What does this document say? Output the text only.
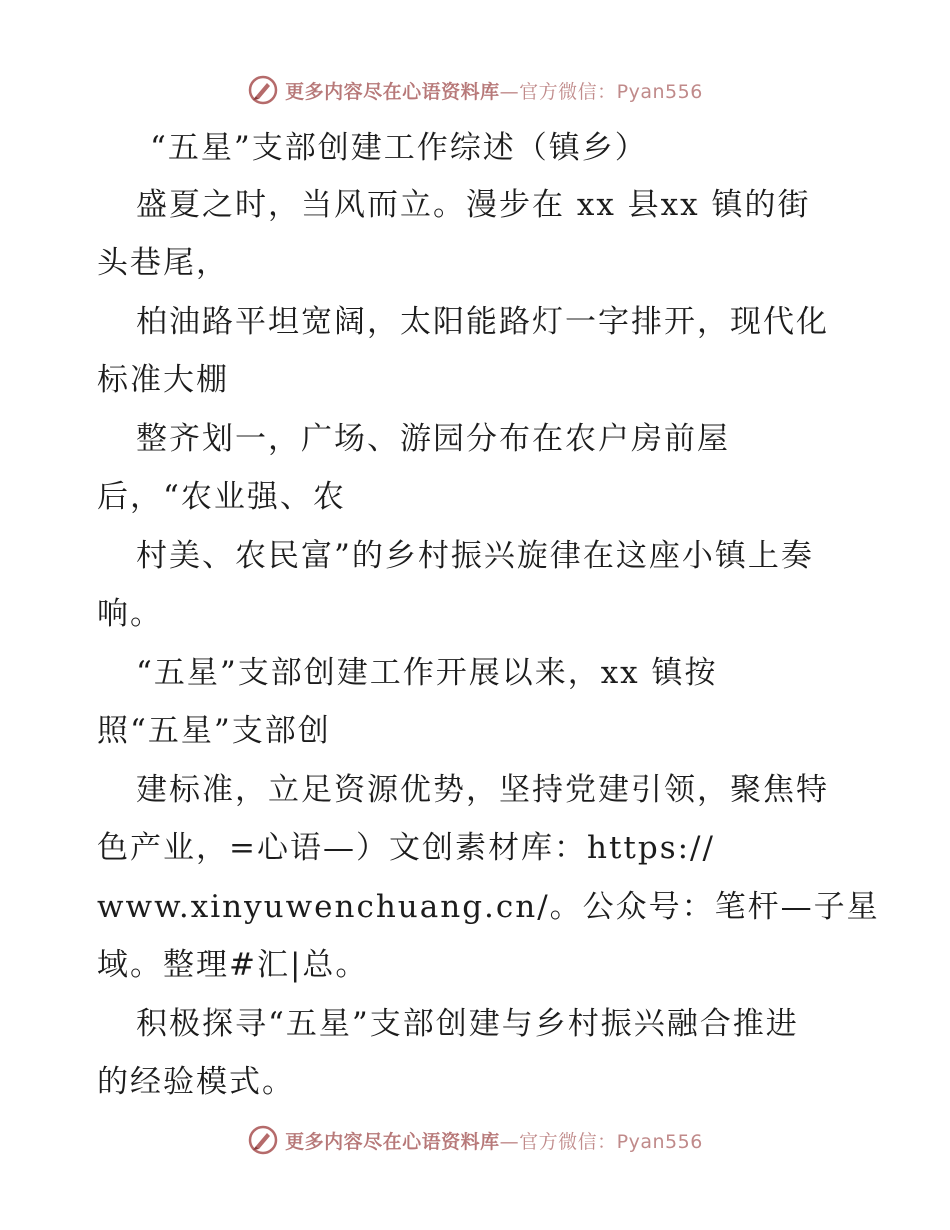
更多内容尽在心语资料库—官方微信：Pyan556
“五星”支部创建工作综述（镇乡）
盛夏之时，当风而立。漫步在 xx 县xx 镇的街
头巷尾，
柏油路平坦宽阔，太阳能路灯一字排开，现代化
标准大棚
整齐划一，广场、游园分布在农户房前屋
后，“农业强、农
村美、农民富”的乡村振兴旋律在这座小镇上奏
响。
“五星”支部创建工作开展以来，xx 镇按
照“五星”支部创
建标准，立足资源优势，坚持党建引领，聚焦特
色产业，=心语—）文创素材库：https://
www.xinyuwenchuang.cn/。公众号：笔杆—子星
域。整理#汇|总。
积极探寻“五星”支部创建与乡村振兴融合推进
的经验模式。
更多内容尽在心语资料库—官方微信：Pyan556
